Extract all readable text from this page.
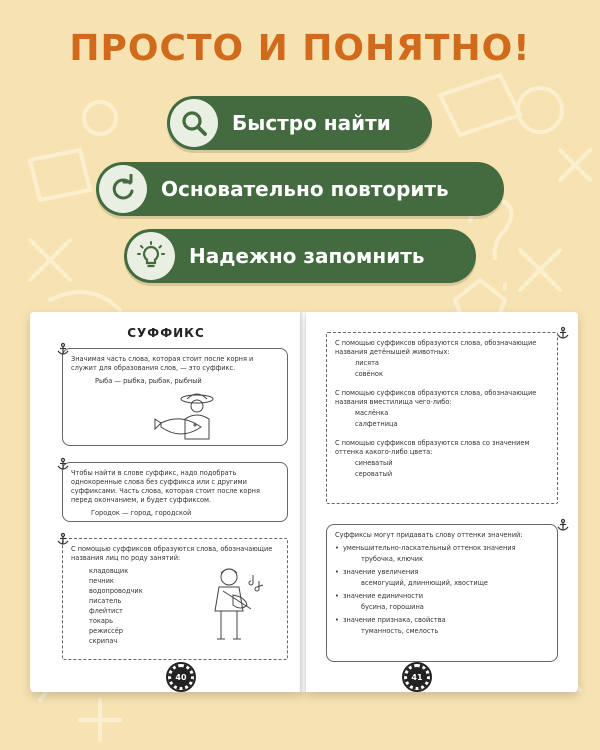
ПРОСТО И ПОНЯТНО!
Быстро найти
Основательно повторить
Надежно запомнить
СУФФИКС

Значимая часть слова, которая стоит после корня и служит для образования слов, — это суффикс.

Рыба — рыбка, рыбак, рыбный

Чтобы найти в слове суффикс, надо подобрать однокоренные слова без суффикса или с другими суффиксами. Часть слова, которая стоит после корня перед окончанием, и будет суффиксом.

Городок — город, городской

С помощью суффиксов образуются слова, обозначающие названия лиц по роду занятий:

кладовщик
печник
водопроводчик
писатель
флейтист
токарь
режиссёр
скрипач
40

С помощью суффиксов образуются слова, обозначающие названия детёнышей животных:

лисята
совёнок

С помощью суффиксов образуются слова, обозначающие названия вместилища чего-либо:

маслёнка
салфетница

С помощью суффиксов образуются слова со значением оттенка какого-либо цвета:

синеватый
сероватый

Суффиксы могут придавать слову оттенки значений:

• уменьшительно-ласкательный оттенок значения
трубочка, ключик
• значение увеличения
всемогущий, длиннющий, хвостище
• значение единичности
бусина, горошина
• значение признака, свойства
туманность, смелость
41
